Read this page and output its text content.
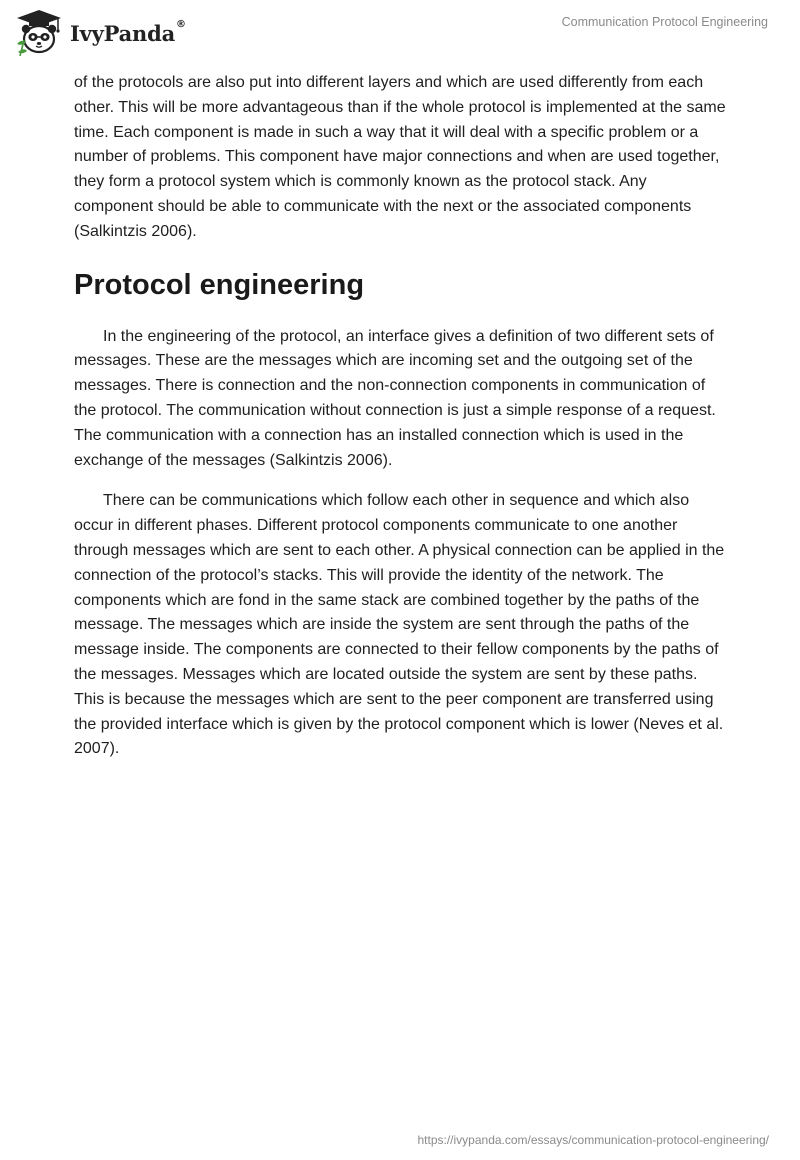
IvyPanda®	Communication Protocol Engineering

of the protocols are also put into different layers and which are used differently from each other. This will be more advantageous than if the whole protocol is implemented at the same time. Each component is made in such a way that it will deal with a specific problem or a number of problems. This component have major connections and when are used together, they form a protocol system which is commonly known as the protocol stack. Any component should be able to communicate with the next or the associated components (Salkintzis 2006).

Protocol engineering

In the engineering of the protocol, an interface gives a definition of two different sets of messages. These are the messages which are incoming set and the outgoing set of the messages. There is connection and the non-connection components in communication of the protocol. The communication without connection is just a simple response of a request. The communication with a connection has an installed connection which is used in the exchange of the messages (Salkintzis 2006).

There can be communications which follow each other in sequence and which also occur in different phases. Different protocol components communicate to one another through messages which are sent to each other. A physical connection can be applied in the connection of the protocol’s stacks. This will provide the identity of the network. The components which are fond in the same stack are combined together by the paths of the message. The messages which are inside the system are sent through the paths of the message inside. The components are connected to their fellow components by the paths of the messages. Messages which are located outside the system are sent by these paths. This is because the messages which are sent to the peer component are transferred using the provided interface which is given by the protocol component which is lower (Neves et al. 2007).

https://ivypanda.com/essays/communication-protocol-engineering/
